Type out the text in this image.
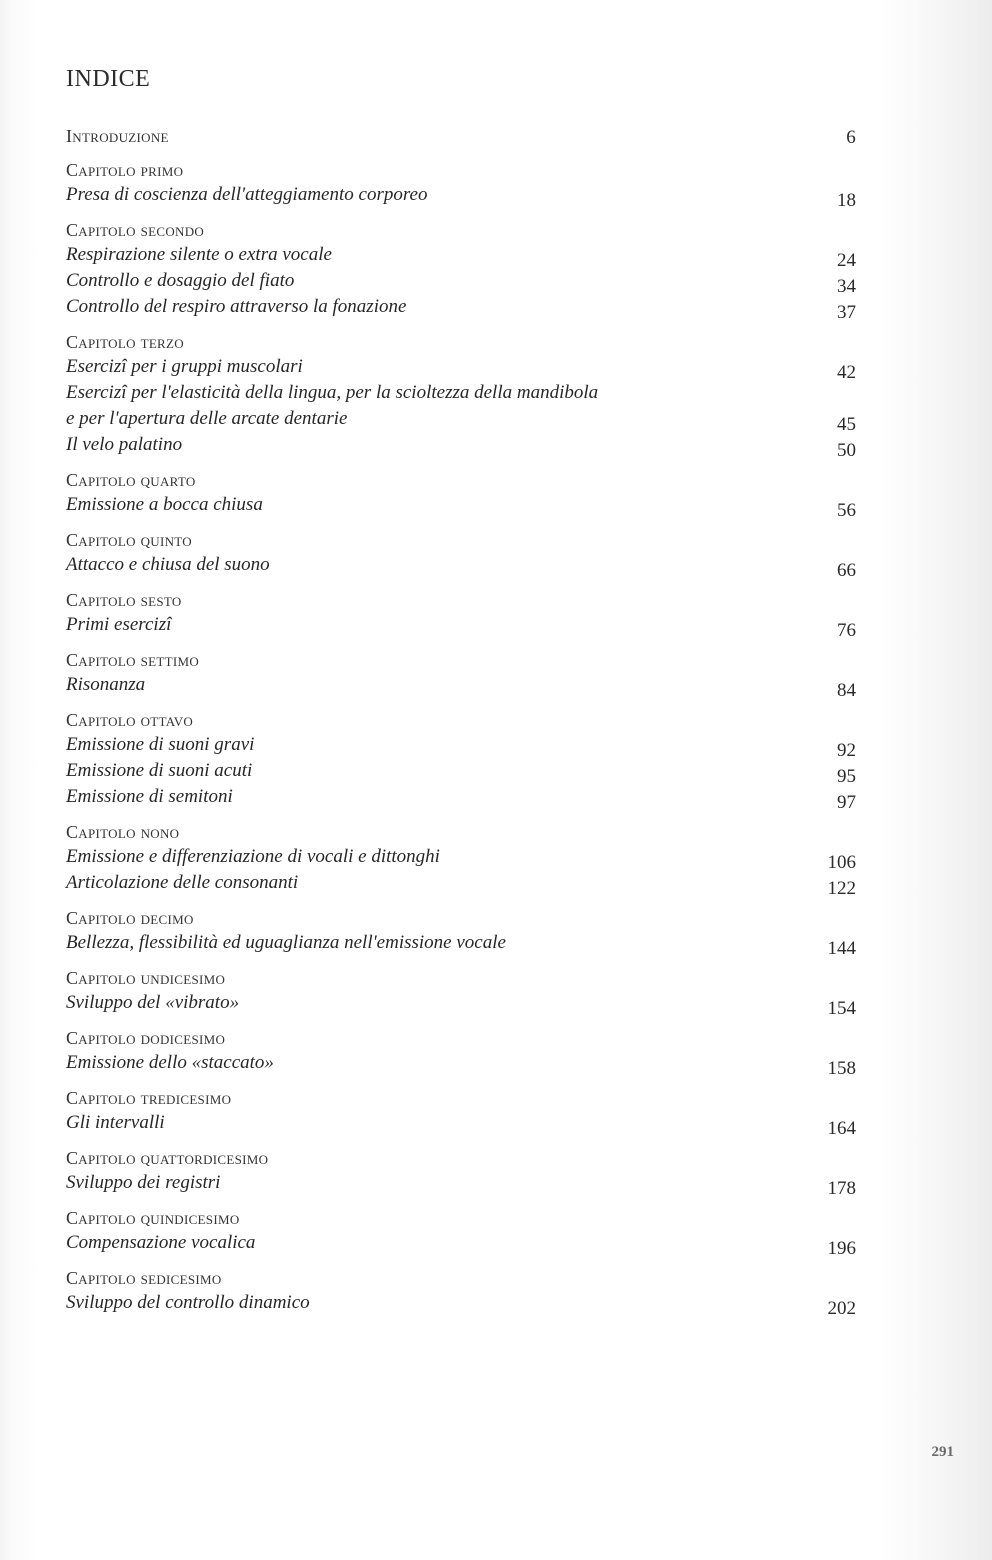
INDICE
Introduzione	6
Capitolo primo
Presa di coscienza dell'atteggiamento corporeo	18
Capitolo secondo
Respirazione silente o extra vocale	24
Controllo e dosaggio del fiato	34
Controllo del respiro attraverso la fonazione	37
Capitolo terzo
Esercizî per i gruppi muscolari	42
Esercizî per l'elasticità della lingua, per la scioltezza della mandibola
e per l'apertura delle arcate dentarie	45
Il velo palatino	50
Capitolo quarto
Emissione a bocca chiusa	56
Capitolo quinto
Attacco e chiusa del suono	66
Capitolo sesto
Primi esercizî	76
Capitolo settimo
Risonanza	84
Capitolo ottavo
Emissione di suoni gravi	92
Emissione di suoni acuti	95
Emissione di semitoni	97
Capitolo nono
Emissione e differenziazione di vocali e dittonghi	106
Articolazione delle consonanti	122
Capitolo decimo
Bellezza, flessibilità ed uguaglianza nell'emissione vocale	144
Capitolo undicesimo
Sviluppo del «vibrato»	154
Capitolo dodicesimo
Emissione dello «staccato»	158
Capitolo tredicesimo
Gli intervalli	164
Capitolo quattordicesimo
Sviluppo dei registri	178
Capitolo quindicesimo
Compensazione vocalica	196
Capitolo sedicesimo
Sviluppo del controllo dinamico	202
291
